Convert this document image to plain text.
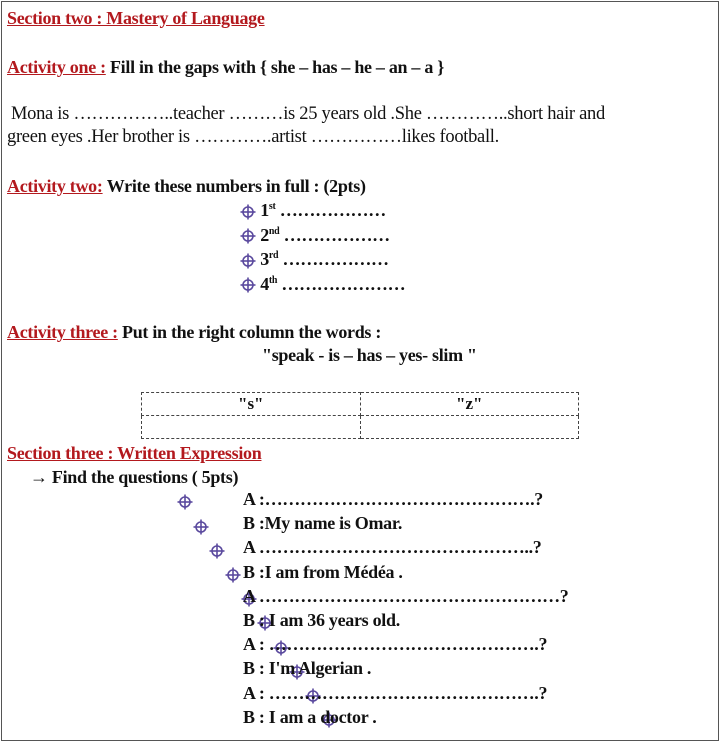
Section two : Mastery of Language
Activity one : Fill in the gaps with { she – has – he – an – a }
Mona is ……………..teacher ………is 25 years old .She …………..short hair and
green eyes .Her brother is ………….artist ……………likes football.
Activity two: Write these numbers in full : (2pts)
1st ………………
2nd ………………
3rd ………………
4th …………………
Activity three : Put in the right column the words :
"speak - is – has – yes- slim "
"s"	"z"

Section three : Written Expression
→ Find the questions ( 5pts)
A :……………………………………….?
B :My name is Omar.
A ………………………………………..?
B :I am from Médéa .
A ……………………………………………?
B : I am 36 years old.
A : ……………………………………….?
B : I'm Algerian .
A : ……………………………………….?
B : I am a doctor .
